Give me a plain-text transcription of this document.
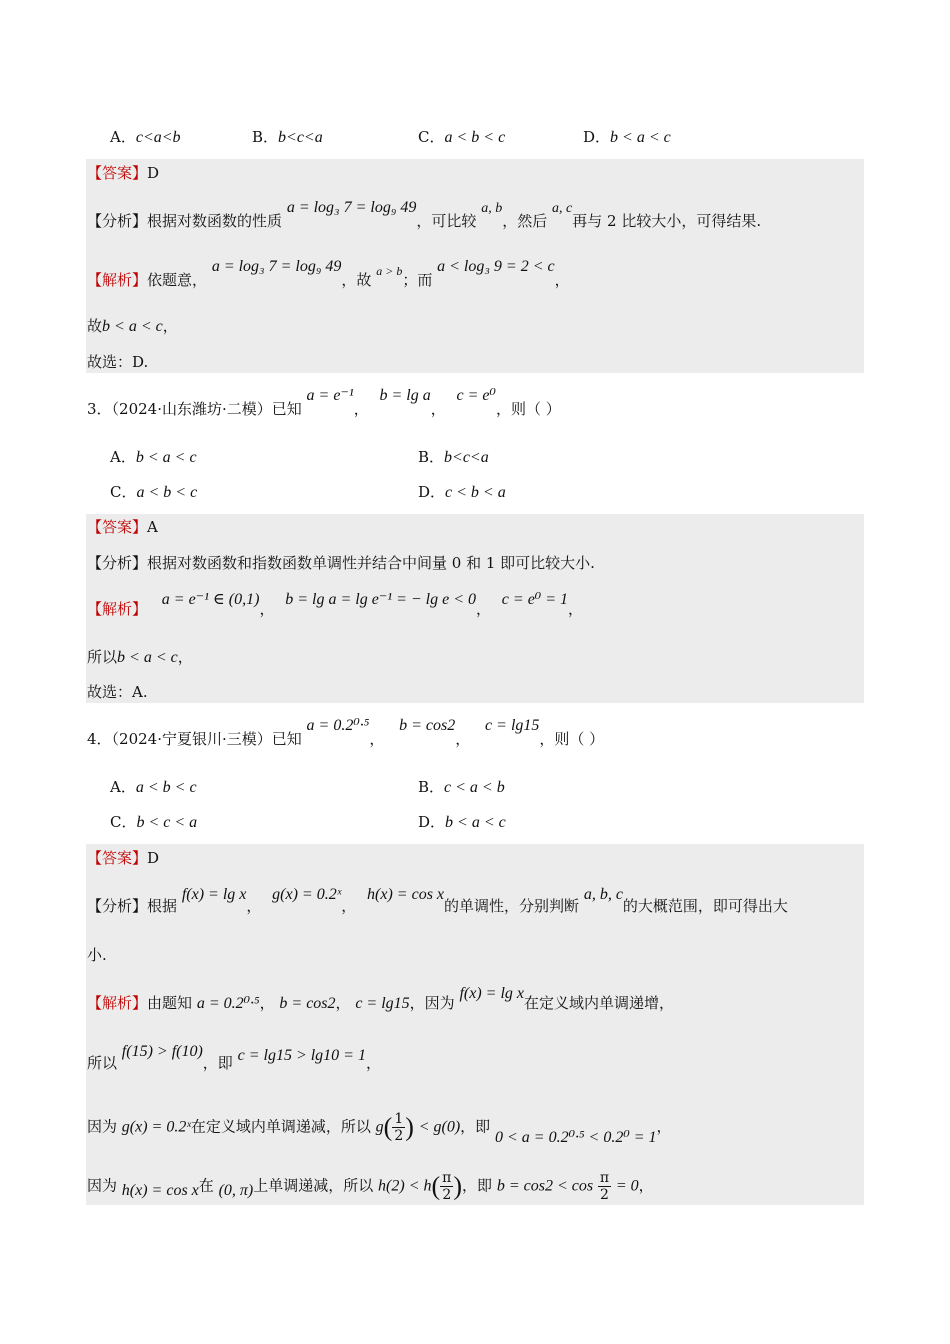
A．c<a<b	B．b<c<a	C．a < b < c	D．b < a < c
【答案】D
【分析】根据对数函数的性质 a = log₃ 7 = log₉ 49，可比较 a, b，然后 a, c再与 2 比较大小，可得结果.
【解析】依题意， a = log₃ 7 = log₉ 49，故 $^{a > b}$；而 a < log₃ 9 = 2 < c，
故b < a < c，
故选：D.
3．（2024·山东潍坊·二模）已知 a = e⁻¹， b = lg a， c = e⁰，则（ ）
A．b < a < c	B．b<c<a
C．a < b < c	D．c < b < a
【答案】A
【分析】根据对数函数和指数函数单调性并结合中间量 0 和 1 即可比较大小.
【解析】 a = e⁻¹ ∈ (0,1)， b = lg a = lg e⁻¹ = − lg e < 0， c = e⁰ = 1，
所以b < a < c，
故选：A.
4．（2024·宁夏银川·三模）已知 a = 0.2⁰·⁵， b = cos2， c = lg15，则（ ）
A．a < b < c	B．c < a < b
C．b < c < a	D．b < a < c
【答案】D
【分析】根据 f(x) = lg x， g(x) = 0.2ˣ， h(x) = cos x的单调性，分别判断 a, b, c的大概范围，即可得出大
小.
【解析】由题知 a = 0.2⁰·⁵， b = cos2， c = lg15，因为 f(x) = lg x在定义域内单调递增，
所以 f(15) > f(10)，即 c = lg15 > lg10 = 1，
因为 g(x) = 0.2ˣ在定义域内单调递减，所以 $g( \frac{1}{2}$ ) < g(0)，即 0 < a = 0.2⁰·⁵ < 0.2⁰ = 1，
因为 h(x) = cos x在 (0, π)上单调递减，所以 $h(2) < h( \frac{\pi}{2}$ )，即 $b = \cos 2 < \cos \frac{\pi}{2} = 0$，
